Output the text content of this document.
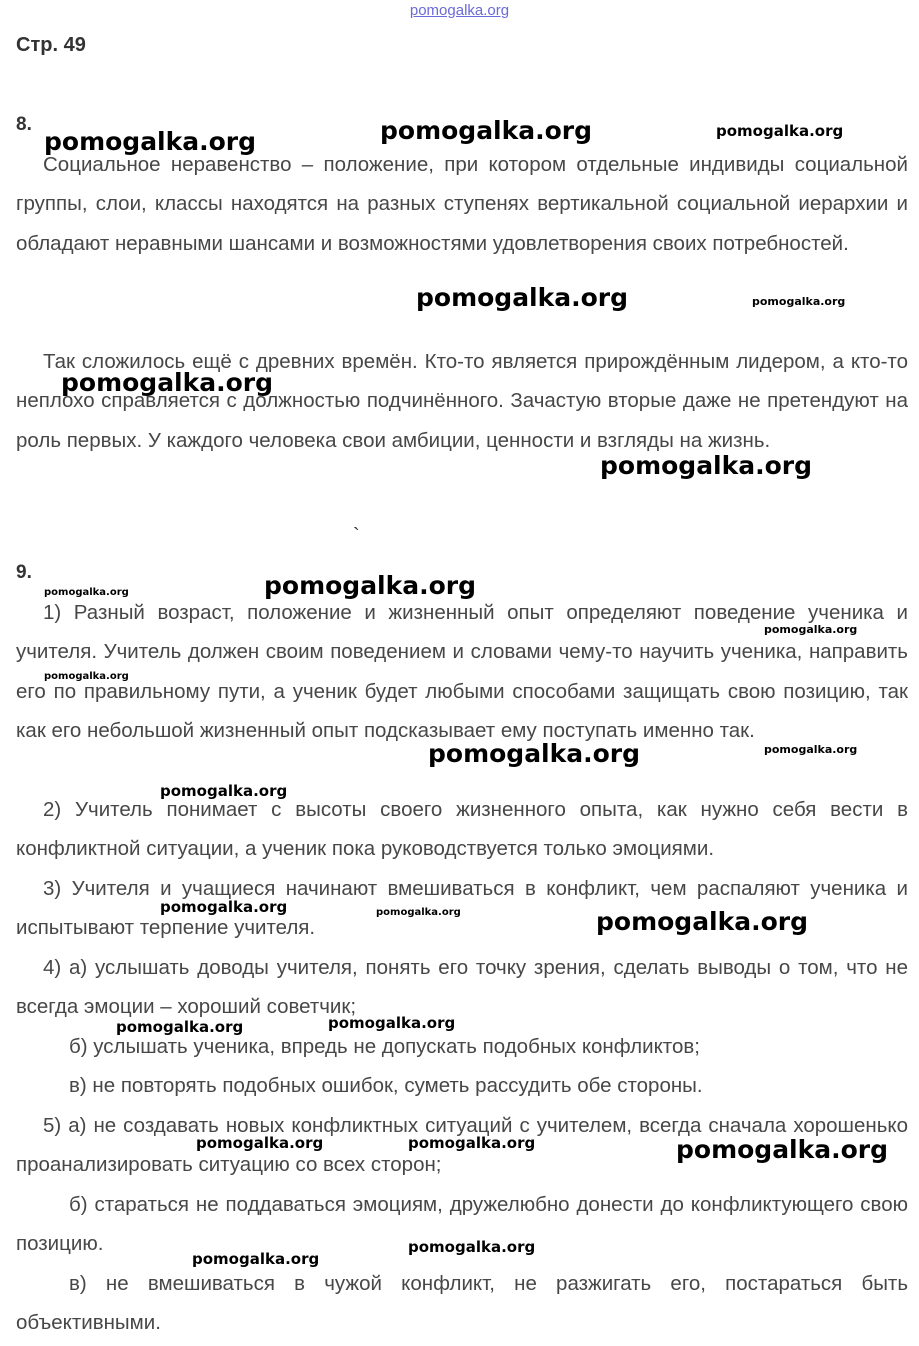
pomogalka.org
Стр. 49
8.

Социальное неравенство – положение, при котором отдельные индивиды социальной группы, слои, классы находятся на разных ступенях вертикальной социальной иерархии и обладают неравными шансами и возможностями удовлетворения своих потребностей.

Так сложилось ещё с древних времён. Кто-то является прирождённым лидером, а кто-то неплохо справляется с должностью подчинённого. Зачастую вторые даже не претендуют на роль первых. У каждого человека свои амбиции, ценности и взгляды на жизнь.

`
9.

1) Разный возраст, положение и жизненный опыт определяют поведение ученика и учителя. Учитель должен своим поведением и словами чему-то научить ученика, направить его по правильному пути, а ученик будет любыми способами защищать свою позицию, так как его небольшой жизненный опыт подсказывает ему поступать именно так.

2) Учитель понимает с высоты своего жизненного опыта, как нужно себя вести в конфликтной ситуации, а ученик пока руководствуется только эмоциями.

3) Учителя и учащиеся начинают вмешиваться в конфликт, чем распаляют ученика и испытывают терпение учителя.

4) а) услышать доводы учителя, понять его точку зрения, сделать выводы о том, что не всегда эмоции – хороший советчик;

б) услышать ученика, впредь не допускать подобных конфликтов;

в) не повторять подобных ошибок, суметь рассудить обе стороны.

5) а) не создавать новых конфликтных ситуаций с учителем, всегда сначала хорошенько проанализировать ситуацию со всех сторон;

б) стараться не поддаваться эмоциям, дружелюбно донести до конфликтующего свою позицию.

в) не вмешиваться в чужой конфликт, не разжигать его, постараться быть объективными.

pomogalka.org	pomogalka.org	pomogalka.org
pomogalka.org	pomogalka.org
pomogalka.org
pomogalka.org
pomogalka.org	pomogalka.org
pomogalka.org
pomogalka.org
pomogalka.org	pomogalka.org
pomogalka.org
pomogalka.org	pomogalka.org	pomogalka.org
pomogalka.org	pomogalka.org
pomogalka.org	pomogalka.org	pomogalka.org
pomogalka.org
pomogalka.org
